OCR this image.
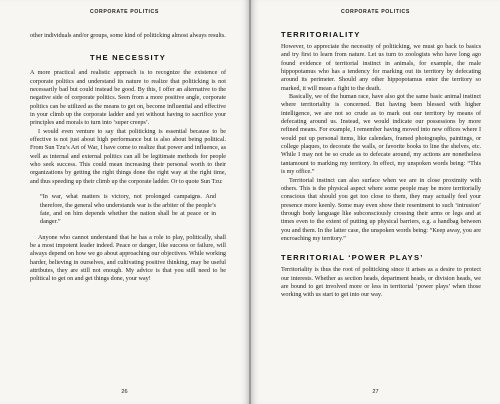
CORPORATE POLITICS

other individuals and/or groups, some kind of politicking almost always results.

THE NECESSITY

A more practical and realistic approach is to recognize the existence of corporate politics and understand its nature to realize that politicking is not necessarily bad but could instead be good. By this, I offer an alternative to the negative side of corporate politics. Seen from a more positive angle, corporate politics can be utilized as the means to get on, become influential and effective in your climb up the corporate ladder and yet without having to sacrifice your principles and morals to turn into ‘super creeps’.

I would even venture to say that politicking is essential because to be effective is not just about high performance but is also about being political. From Sun Tzu’s Art of War, I have come to realize that power and influence, as well as internal and external politics can all be legitimate methods for people who seek success. This could mean increasing their personal worth to their organizations by getting the right things done the right way at the right time, and thus speeding up their climb up the corporate ladder. Or to quote Sun Tzu:

“In war, what matters is victory, not prolonged campaigns. And therefore, the general who understands war is the arbiter of the people’s fate, and on him depends whether the nation shall be at peace or in danger.”

Anyone who cannot understand that he has a role to play, politically, shall be a most impotent leader indeed. Peace or danger, like success or failure, will always depend on how we go about approaching our objectives. While working harder, believing in ourselves, and cultivating positive thinking, may be useful attributes, they are still not enough. My advice is that you still need to be political to get on and get things done, your way!

26
CORPORATE POLITICS
TERRITORIALITY

However, to appreciate the necessity of politicking, we must go back to basics and try first to learn from nature. Let us turn to zoologists who have long ago found evidence of territorial instinct in animals, for example, the male hippopotamus who has a tendency for marking out its territory by defecating around its perimeter. Should any other hippopotamus enter the territory so marked, it will mean a fight to the death.

Basically, we of the human race, have also got the same basic animal instinct where territoriality is concerned. But having been blessed with higher intelligence, we are not so crude as to mark out our territory by means of defecating around us. Instead, we would indicate our possessions by more refined means. For example, I remember having moved into new offices where I would put up personal items, like calendars, framed photographs, paintings, or college plaques, to decorate the walls, or favorite books to line the shelves, etc. While I may not be so crude as to defecate around, my actions are nonetheless tantamount to marking my territory. In effect, my unspoken words being: “This is my office.”

Territorial instinct can also surface when we are in close proximity with others. This is the physical aspect where some people may be more territorially conscious that should you get too close to them, they may actually feel your presence more keenly. Some may even show their resentment to such ‘intrusion’ through body language like subconsciously crossing their arms or legs and at times even to the extent of putting up physical barriers, e.g. a handbag between you and them. In the latter case, the unspoken words being: “Keep away, you are encroaching my territory.”

TERRITORIAL ‘POWER PLAYS’

Territoriality is thus the root of politicking since it arises as a desire to protect our interests. Whether as section heads, department heads, or division heads, we are bound to get involved more or less in territorial ‘power plays’ when those working with us start to get into our way.

27
